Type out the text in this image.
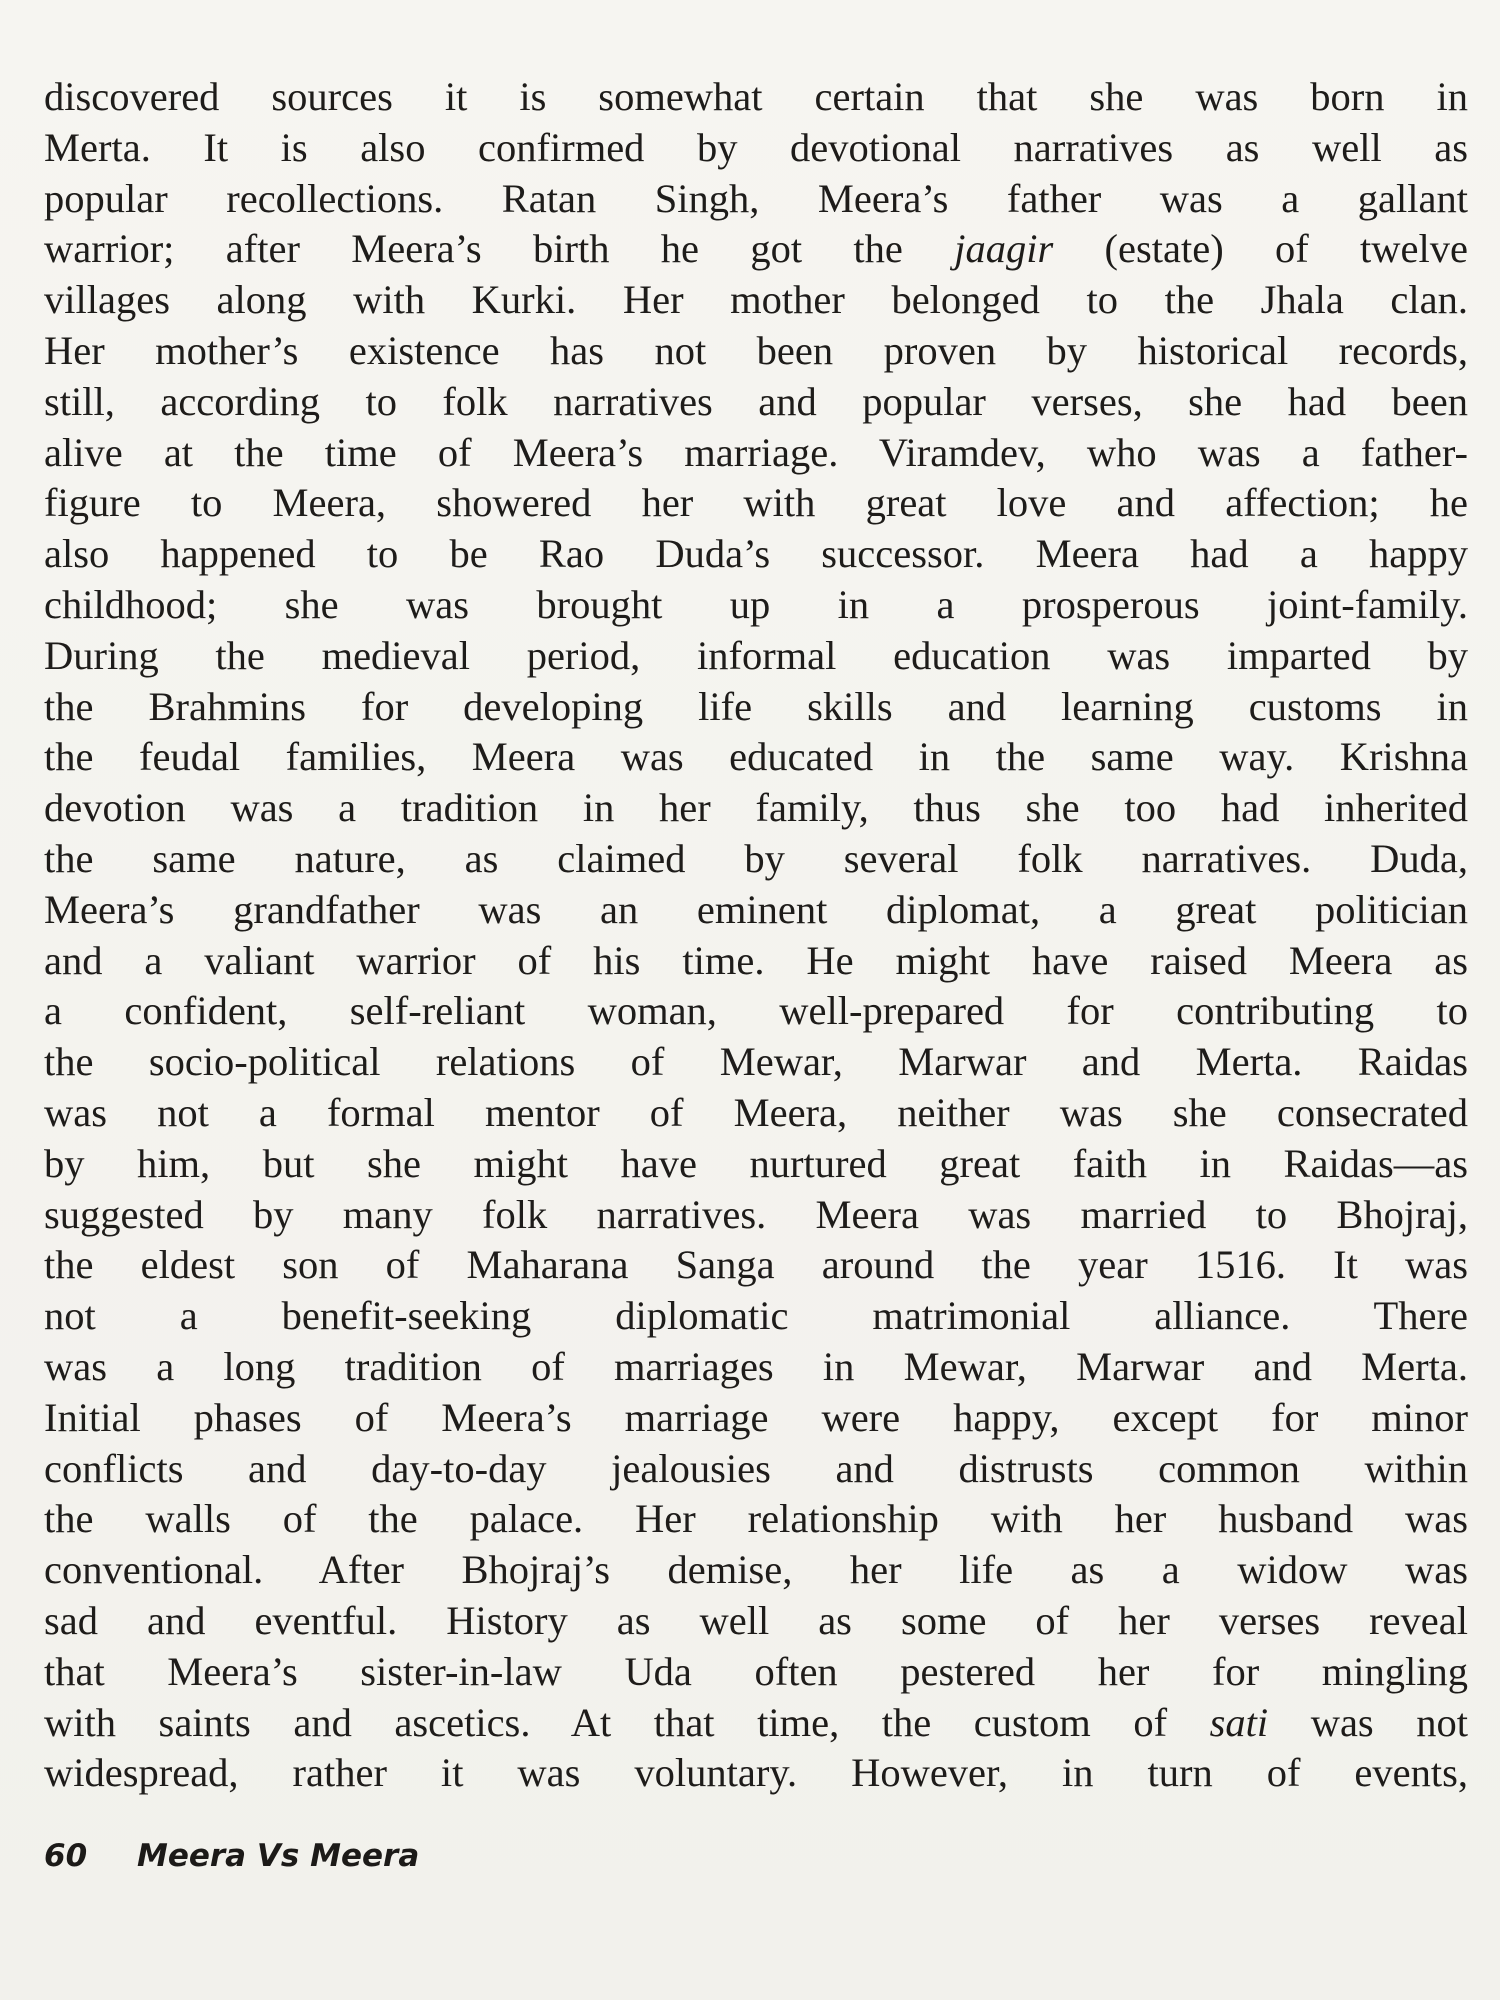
discovered sources it is somewhat certain that she was born in
Merta. It is also confirmed by devotional narratives as well as
popular recollections. Ratan Singh, Meera’s father was a gallant
warrior; after Meera’s birth he got the jaagir (estate) of twelve
villages along with Kurki. Her mother belonged to the Jhala clan.
Her mother’s existence has not been proven by historical records,
still, according to folk narratives and popular verses, she had been
alive at the time of Meera’s marriage. Viramdev, who was a father-
figure to Meera, showered her with great love and affection; he
also happened to be Rao Duda’s successor. Meera had a happy
childhood; she was brought up in a prosperous joint-family.
During the medieval period, informal education was imparted by
the Brahmins for developing life skills and learning customs in
the feudal families, Meera was educated in the same way. Krishna
devotion was a tradition in her family, thus she too had inherited
the same nature, as claimed by several folk narratives. Duda,
Meera’s grandfather was an eminent diplomat, a great politician
and a valiant warrior of his time. He might have raised Meera as
a confident, self-reliant woman, well-prepared for contributing to
the socio-political relations of Mewar, Marwar and Merta. Raidas
was not a formal mentor of Meera, neither was she consecrated
by him, but she might have nurtured great faith in Raidas—as
suggested by many folk narratives. Meera was married to Bhojraj,
the eldest son of Maharana Sanga around the year 1516. It was
not a benefit-seeking diplomatic matrimonial alliance. There
was a long tradition of marriages in Mewar, Marwar and Merta.
Initial phases of Meera’s marriage were happy, except for minor
conflicts and day-to-day jealousies and distrusts common within
the walls of the palace. Her relationship with her husband was
conventional. After Bhojraj’s demise, her life as a widow was
sad and eventful. History as well as some of her verses reveal
that Meera’s sister-in-law Uda often pestered her for mingling
with saints and ascetics. At that time, the custom of sati was not
widespread, rather it was voluntary. However, in turn of events,
60 Meera Vs Meera
